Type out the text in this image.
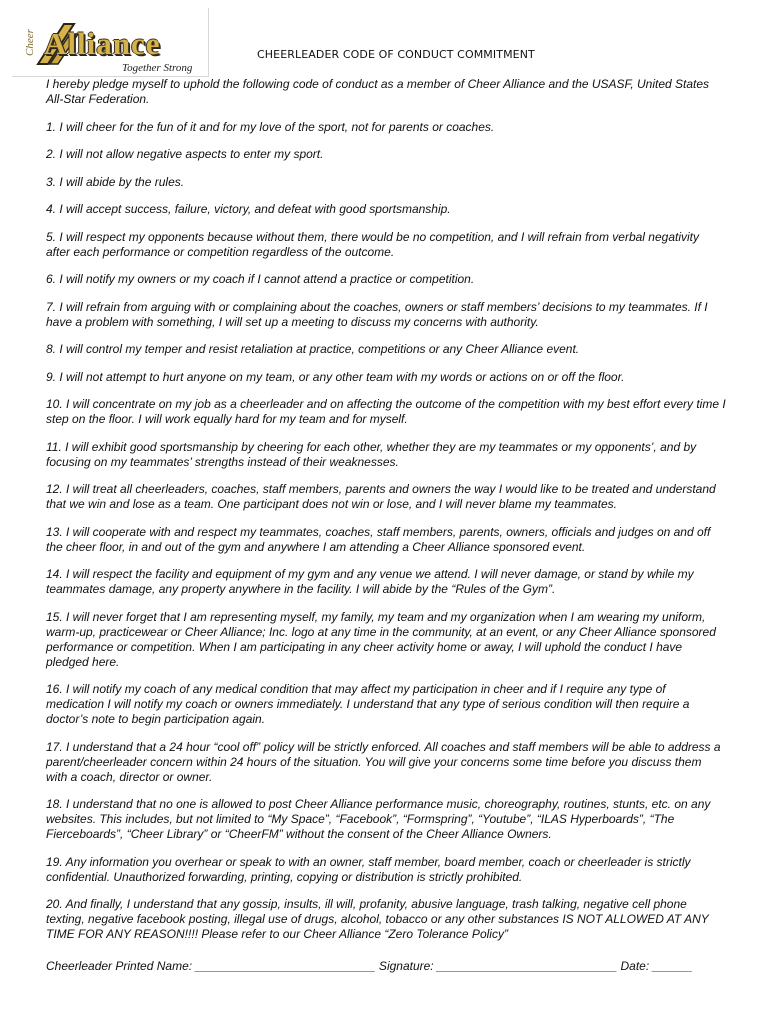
Cheer Alliance
Together Strong
CHEERLEADER CODE OF CONDUCT COMMITMENT

I hereby pledge myself to uphold the following code of conduct as a member of Cheer Alliance and the USASF, United States All-Star Federation.

1. I will cheer for the fun of it and for my love of the sport, not for parents or coaches.

2. I will not allow negative aspects to enter my sport.

3. I will abide by the rules.

4. I will accept success, failure, victory, and defeat with good sportsmanship.

5. I will respect my opponents because without them, there would be no competition, and I will refrain from verbal negativity after each performance or competition regardless of the outcome.

6. I will notify my owners or my coach if I cannot attend a practice or competition.

7. I will refrain from arguing with or complaining about the coaches, owners or staff members’ decisions to my teammates. If I have a problem with something, I will set up a meeting to discuss my concerns with authority.

8. I will control my temper and resist retaliation at practice, competitions or any Cheer Alliance event.

9. I will not attempt to hurt anyone on my team, or any other team with my words or actions on or off the floor.

10. I will concentrate on my job as a cheerleader and on affecting the outcome of the competition with my best effort every time I step on the floor. I will work equally hard for my team and for myself.

11. I will exhibit good sportsmanship by cheering for each other, whether they are my teammates or my opponents’, and by focusing on my teammates’ strengths instead of their weaknesses.

12. I will treat all cheerleaders, coaches, staff members, parents and owners the way I would like to be treated and understand that we win and lose as a team. One participant does not win or lose, and I will never blame my teammates.

13. I will cooperate with and respect my teammates, coaches, staff members, parents, owners, officials and judges on and off the cheer floor, in and out of the gym and anywhere I am attending a Cheer Alliance sponsored event.

14. I will respect the facility and equipment of my gym and any venue we attend. I will never damage, or stand by while my teammates damage, any property anywhere in the facility. I will abide by the “Rules of the Gym”.

15. I will never forget that I am representing myself, my family, my team and my organization when I am wearing my uniform, warm-up, practicewear or Cheer Alliance; Inc. logo at any time in the community, at an event, or any Cheer Alliance sponsored performance or competition. When I am participating in any cheer activity home or away, I will uphold the conduct I have pledged here.

16. I will notify my coach of any medical condition that may affect my participation in cheer and if I require any type of medication I will notify my coach or owners immediately. I understand that any type of serious condition will then require a doctor’s note to begin participation again.

17. I understand that a 24 hour “cool off” policy will be strictly enforced. All coaches and staff members will be able to address a parent/cheerleader concern within 24 hours of the situation. You will give your concerns some time before you discuss them with a coach, director or owner.

18. I understand that no one is allowed to post Cheer Alliance performance music, choreography, routines, stunts, etc. on any websites. This includes, but not limited to “My Space”, “Facebook”, “Formspring”, “Youtube”, “ILAS Hyperboards”, “The Fierceboards”, “Cheer Library” or “CheerFM” without the consent of the Cheer Alliance Owners.

19. Any information you overhear or speak to with an owner, staff member, board member, coach or cheerleader is strictly confidential. Unauthorized forwarding, printing, copying or distribution is strictly prohibited.

20. And finally, I understand that any gossip, insults, ill will, profanity, abusive language, trash talking, negative cell phone texting, negative facebook posting, illegal use of drugs, alcohol, tobacco or any other substances IS NOT ALLOWED AT ANY TIME FOR ANY REASON!!!! Please refer to our Cheer Alliance “Zero Tolerance Policy”

Cheerleader Printed Name: ___________________________ Signature: ___________________________ Date: ______
